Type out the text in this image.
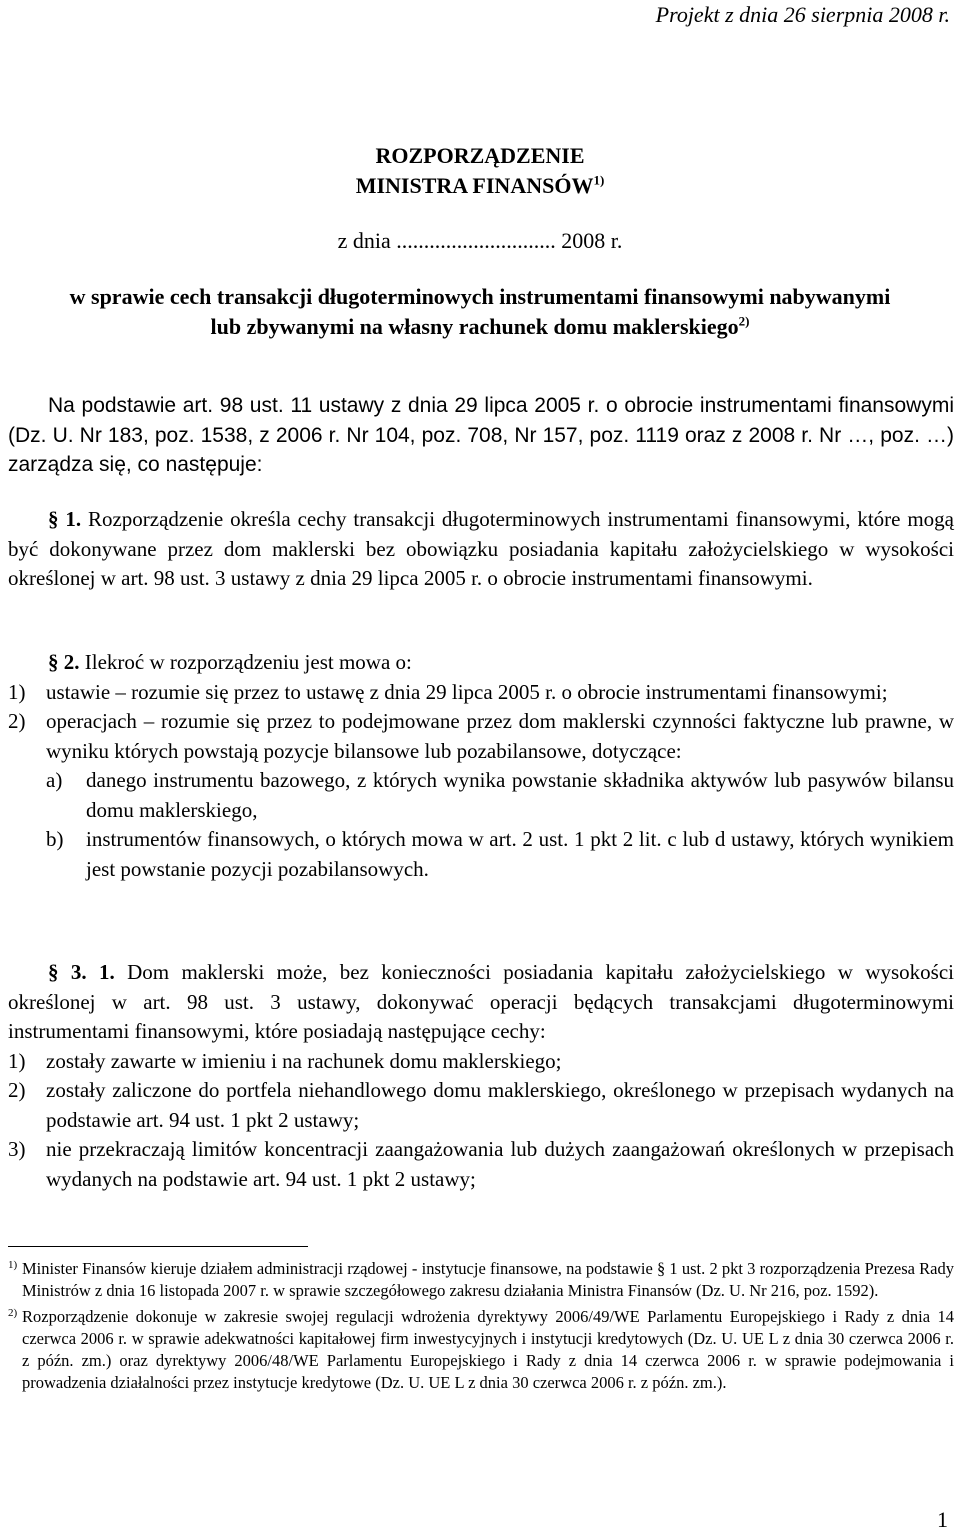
Projekt z dnia 26 sierpnia 2008 r.
ROZPORZĄDZENIE
MINISTRA FINANSÓW$^{1)}$
z dnia ............................. 2008 r.
w sprawie cech transakcji długoterminowych instrumentami finansowymi nabywanymi
lub zbywanymi na własny rachunek domu maklerskiego$^{2)}$
Na podstawie art. 98 ust. 11 ustawy z dnia 29 lipca 2005 r. o obrocie instrumentami finansowymi (Dz. U. Nr 183, poz. 1538, z 2006 r. Nr 104, poz. 708, Nr 157, poz. 1119 oraz z 2008 r. Nr …, poz. …) zarządza się, co następuje:
§ 1. Rozporządzenie określa cechy transakcji długoterminowych instrumentami finansowymi, które mogą być dokonywane przez dom maklerski bez obowiązku posiadania kapitału założycielskiego w wysokości określonej w art. 98 ust. 3 ustawy z dnia 29 lipca 2005 r. o obrocie instrumentami finansowymi.
§ 2. Ilekroć w rozporządzeniu jest mowa o:
1) ustawie – rozumie się przez to ustawę z dnia 29 lipca 2005 r. o obrocie instrumentami finansowymi;
2) operacjach – rozumie się przez to podejmowane przez dom maklerski czynności faktyczne lub prawne, w wyniku których powstają pozycje bilansowe lub pozabilansowe, dotyczące:
a) danego instrumentu bazowego, z których wynika powstanie składnika aktywów lub pasywów bilansu domu maklerskiego,
b) instrumentów finansowych, o których mowa w art. 2 ust. 1 pkt 2 lit. c lub d ustawy, których wynikiem jest powstanie pozycji pozabilansowych.
§ 3. 1. Dom maklerski może, bez konieczności posiadania kapitału założycielskiego w wysokości określonej w art. 98 ust. 3 ustawy, dokonywać operacji będących transakcjami długoterminowymi instrumentami finansowymi, które posiadają następujące cechy:
1) zostały zawarte w imieniu i na rachunek domu maklerskiego;
2) zostały zaliczone do portfela niehandlowego domu maklerskiego, określonego w przepisach wydanych na podstawie art. 94 ust. 1 pkt 2 ustawy;
3) nie przekraczają limitów koncentracji zaangażowania lub dużych zaangażowań określonych w przepisach wydanych na podstawie art. 94 ust. 1 pkt 2 ustawy;
1) Minister Finansów kieruje działem administracji rządowej - instytucje finansowe, na podstawie § 1 ust. 2 pkt 3 rozporządzenia Prezesa Rady Ministrów z dnia 16 listopada 2007 r. w sprawie szczegółowego zakresu działania Ministra Finansów (Dz. U. Nr 216, poz. 1592).
2) Rozporządzenie dokonuje w zakresie swojej regulacji wdrożenia dyrektywy 2006/49/WE Parlamentu Europejskiego i Rady z dnia 14 czerwca 2006 r. w sprawie adekwatności kapitałowej firm inwestycyjnych i instytucji kredytowych (Dz. U. UE L z dnia 30 czerwca 2006 r. z późn. zm.) oraz dyrektywy 2006/48/WE Parlamentu Europejskiego i Rady z dnia 14 czerwca 2006 r. w sprawie podejmowania i prowadzenia działalności przez instytucje kredytowe (Dz. U. UE L z dnia 30 czerwca 2006 r. z późn. zm.).
1
